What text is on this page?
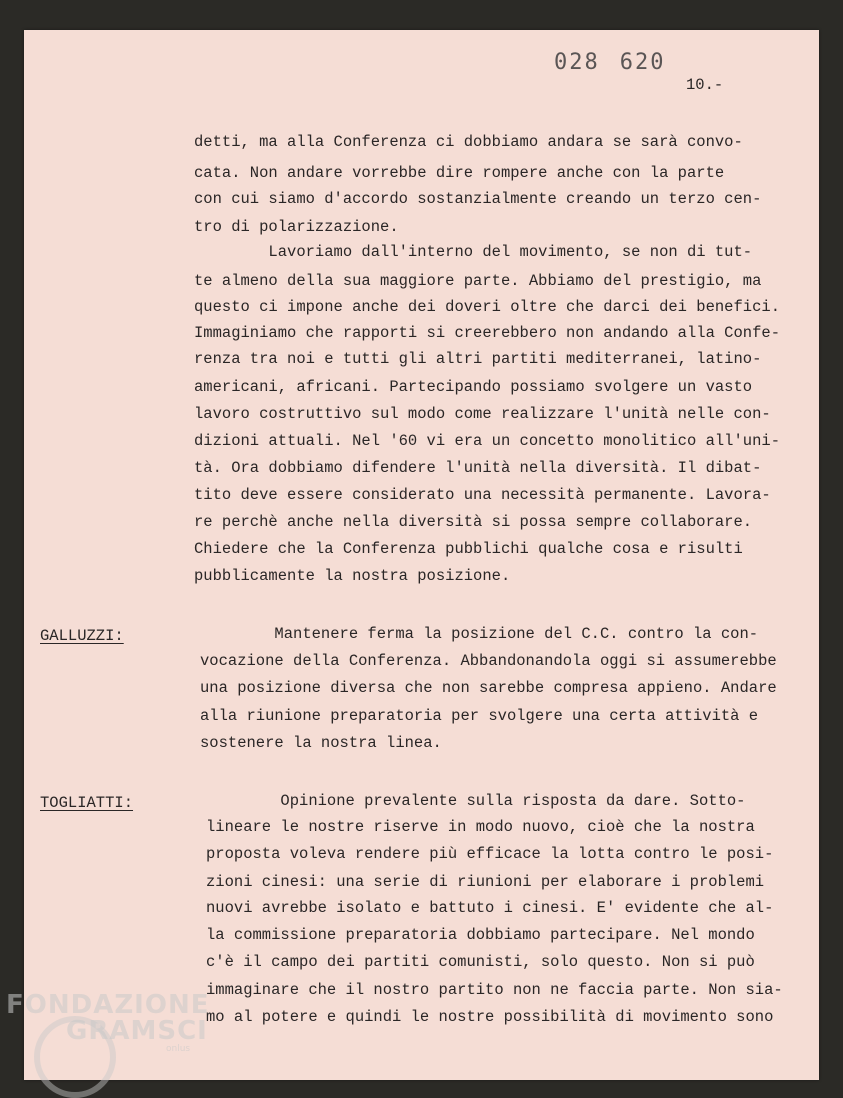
028 620
10.-
detti, ma alla Conferenza ci dobbiamo andara se sarà convo-
cata. Non andare vorrebbe dire rompere anche con la parte
con cui siamo d'accordo sostanzialmente creando un terzo cen-
tro di polarizzazione.
Lavoriamo dall'interno del movimento, se non di tut-
te almeno della sua maggiore parte. Abbiamo del prestigio, ma
questo ci impone anche dei doveri oltre che darci dei benefici.
Immaginiamo che rapporti si creerebbero non andando alla Confe-
renza tra noi e tutti gli altri partiti mediterranei, latino-
americani, africani. Partecipando possiamo svolgere un vasto
lavoro costruttivo sul modo come realizzare l'unità nelle con-
dizioni attuali. Nel '60 vi era un concetto monolitico all'uni-
tà. Ora dobbiamo difendere l'unità nella diversità. Il dibat-
tito deve essere considerato una necessità permanente. Lavora-
re perchè anche nella diversità si possa sempre collaborare.
Chiedere che la Conferenza pubblichi qualche cosa e risulti
pubblicamente la nostra posizione.
GALLUZZI:	Mantenere ferma la posizione del C.C. contro la con-
vocazione della Conferenza. Abbandonandola oggi si assumerebbe
una posizione diversa che non sarebbe compresa appieno. Andare
alla riunione preparatoria per svolgere una certa attività e
sostenere la nostra linea.
TOGLIATTI:	Opinione prevalente sulla risposta da dare. Sotto-
lineare le nostre riserve in modo nuovo, cioè che la nostra
proposta voleva rendere più efficace la lotta contro le posi-
zioni cinesi: una serie di riunioni per elaborare i problemi
nuovi avrebbe isolato e battuto i cinesi. E' evidente che al-
la commissione preparatoria dobbiamo partecipare. Nel mondo
c'è il campo dei partiti comunisti, solo questo. Non si può
immaginare che il nostro partito non ne faccia parte. Non sia-
mo al potere e quindi le nostre possibilità di movimento sono
FONDAZIONE
GRAMSCI
onlus
